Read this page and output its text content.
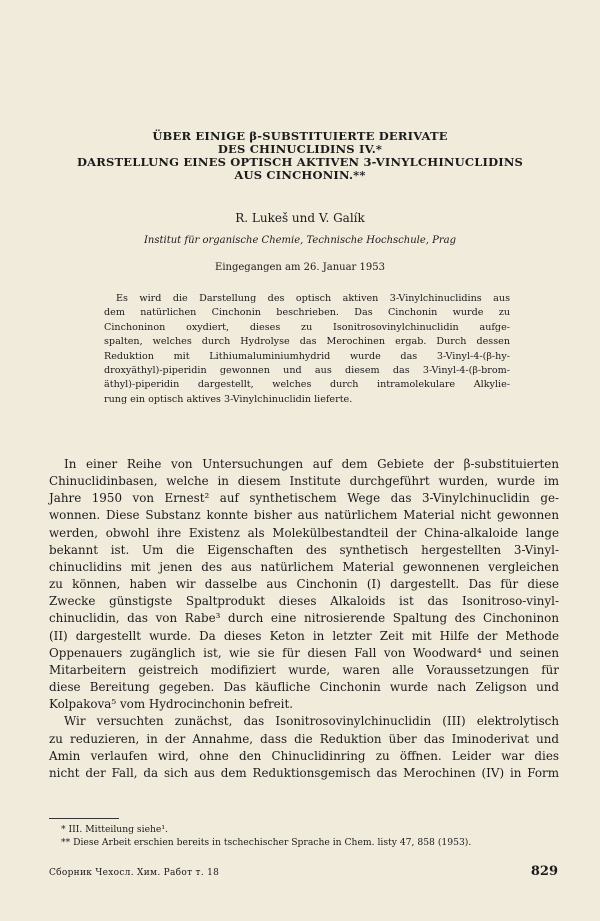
ÜBER EINIGE β-SUBSTITUIERTE DERIVATE
DES CHINUCLIDINS IV.*
DARSTELLUNG EINES OPTISCH AKTIVEN 3-VINYLCHINUCLIDINS
AUS CINCHONIN.**
R. Lukeš und V. Galík
Institut für organische Chemie, Technische Hochschule, Prag
Eingegangen am 26. Januar 1953
Es wird die Darstellung des optisch aktiven 3-Vinylchinuclidins aus
dem natürlichen Cinchonin beschrieben. Das Cinchonin wurde zu
Cinchoninon oxydiert, dieses zu Isonitrosovinylchinuclidin aufge-
spalten, welches durch Hydrolyse das Merochinen ergab. Durch dessen
Reduktion mit Lithiumaluminiumhydrid wurde das 3-Vinyl-4-(β-hy-
droxyäthyl)-piperidin gewonnen und aus diesem das 3-Vinyl-4-(β-brom-
äthyl)-piperidin dargestellt, welches durch intramolekulare Alkylie-
rung ein optisch aktives 3-Vinylchinuclidin lieferte.
In einer Reihe von Untersuchungen auf dem Gebiete der β-substituierten
Chinuclidinbasen, welche in diesem Institute durchgeführt wurden, wurde im
Jahre 1950 von Ernest² auf synthetischem Wege das 3-Vinylchinuclidin ge-
wonnen. Diese Substanz konnte bisher aus natürlichem Material nicht gewonnen
werden, obwohl ihre Existenz als Molekülbestandteil der China-alkaloide lange
bekannt ist. Um die Eigenschaften des synthetisch hergestellten 3-Vinyl-
chinuclidins mit jenen des aus natürlichem Material gewonnenen vergleichen
zu können, haben wir dasselbe aus Cinchonin (I) dargestellt. Das für diese
Zwecke günstigste Spaltprodukt dieses Alkaloids ist das Isonitroso-vinyl-
chinuclidin, das von Rabe³ durch eine nitrosierende Spaltung des Cinchoninon
(II) dargestellt wurde. Da dieses Keton in letzter Zeit mit Hilfe der Methode
Oppenauers zugänglich ist, wie sie für diesen Fall von Woodward⁴ und seinen
Mitarbeitern geistreich modifiziert wurde, waren alle Voraussetzungen für
diese Bereitung gegeben. Das käufliche Cinchonin wurde nach Zeligson und
Kolpakova⁵ vom Hydrocinchonin befreit.
Wir versuchten zunächst, das Isonitrosovinylchinuclidin (III) elektrolytisch
zu reduzieren, in der Annahme, dass die Reduktion über das Iminoderivat und
Amin verlaufen wird, ohne den Chinuclidinring zu öffnen. Leider war dies
nicht der Fall, da sich aus dem Reduktionsgemisch das Merochinen (IV) in Form
* III. Mitteilung siehe¹.
** Diese Arbeit erschien bereits in tschechischer Sprache in Chem. listy 47, 858 (1953).
Сборник Чехосл. Хим. Работ т. 18	829
